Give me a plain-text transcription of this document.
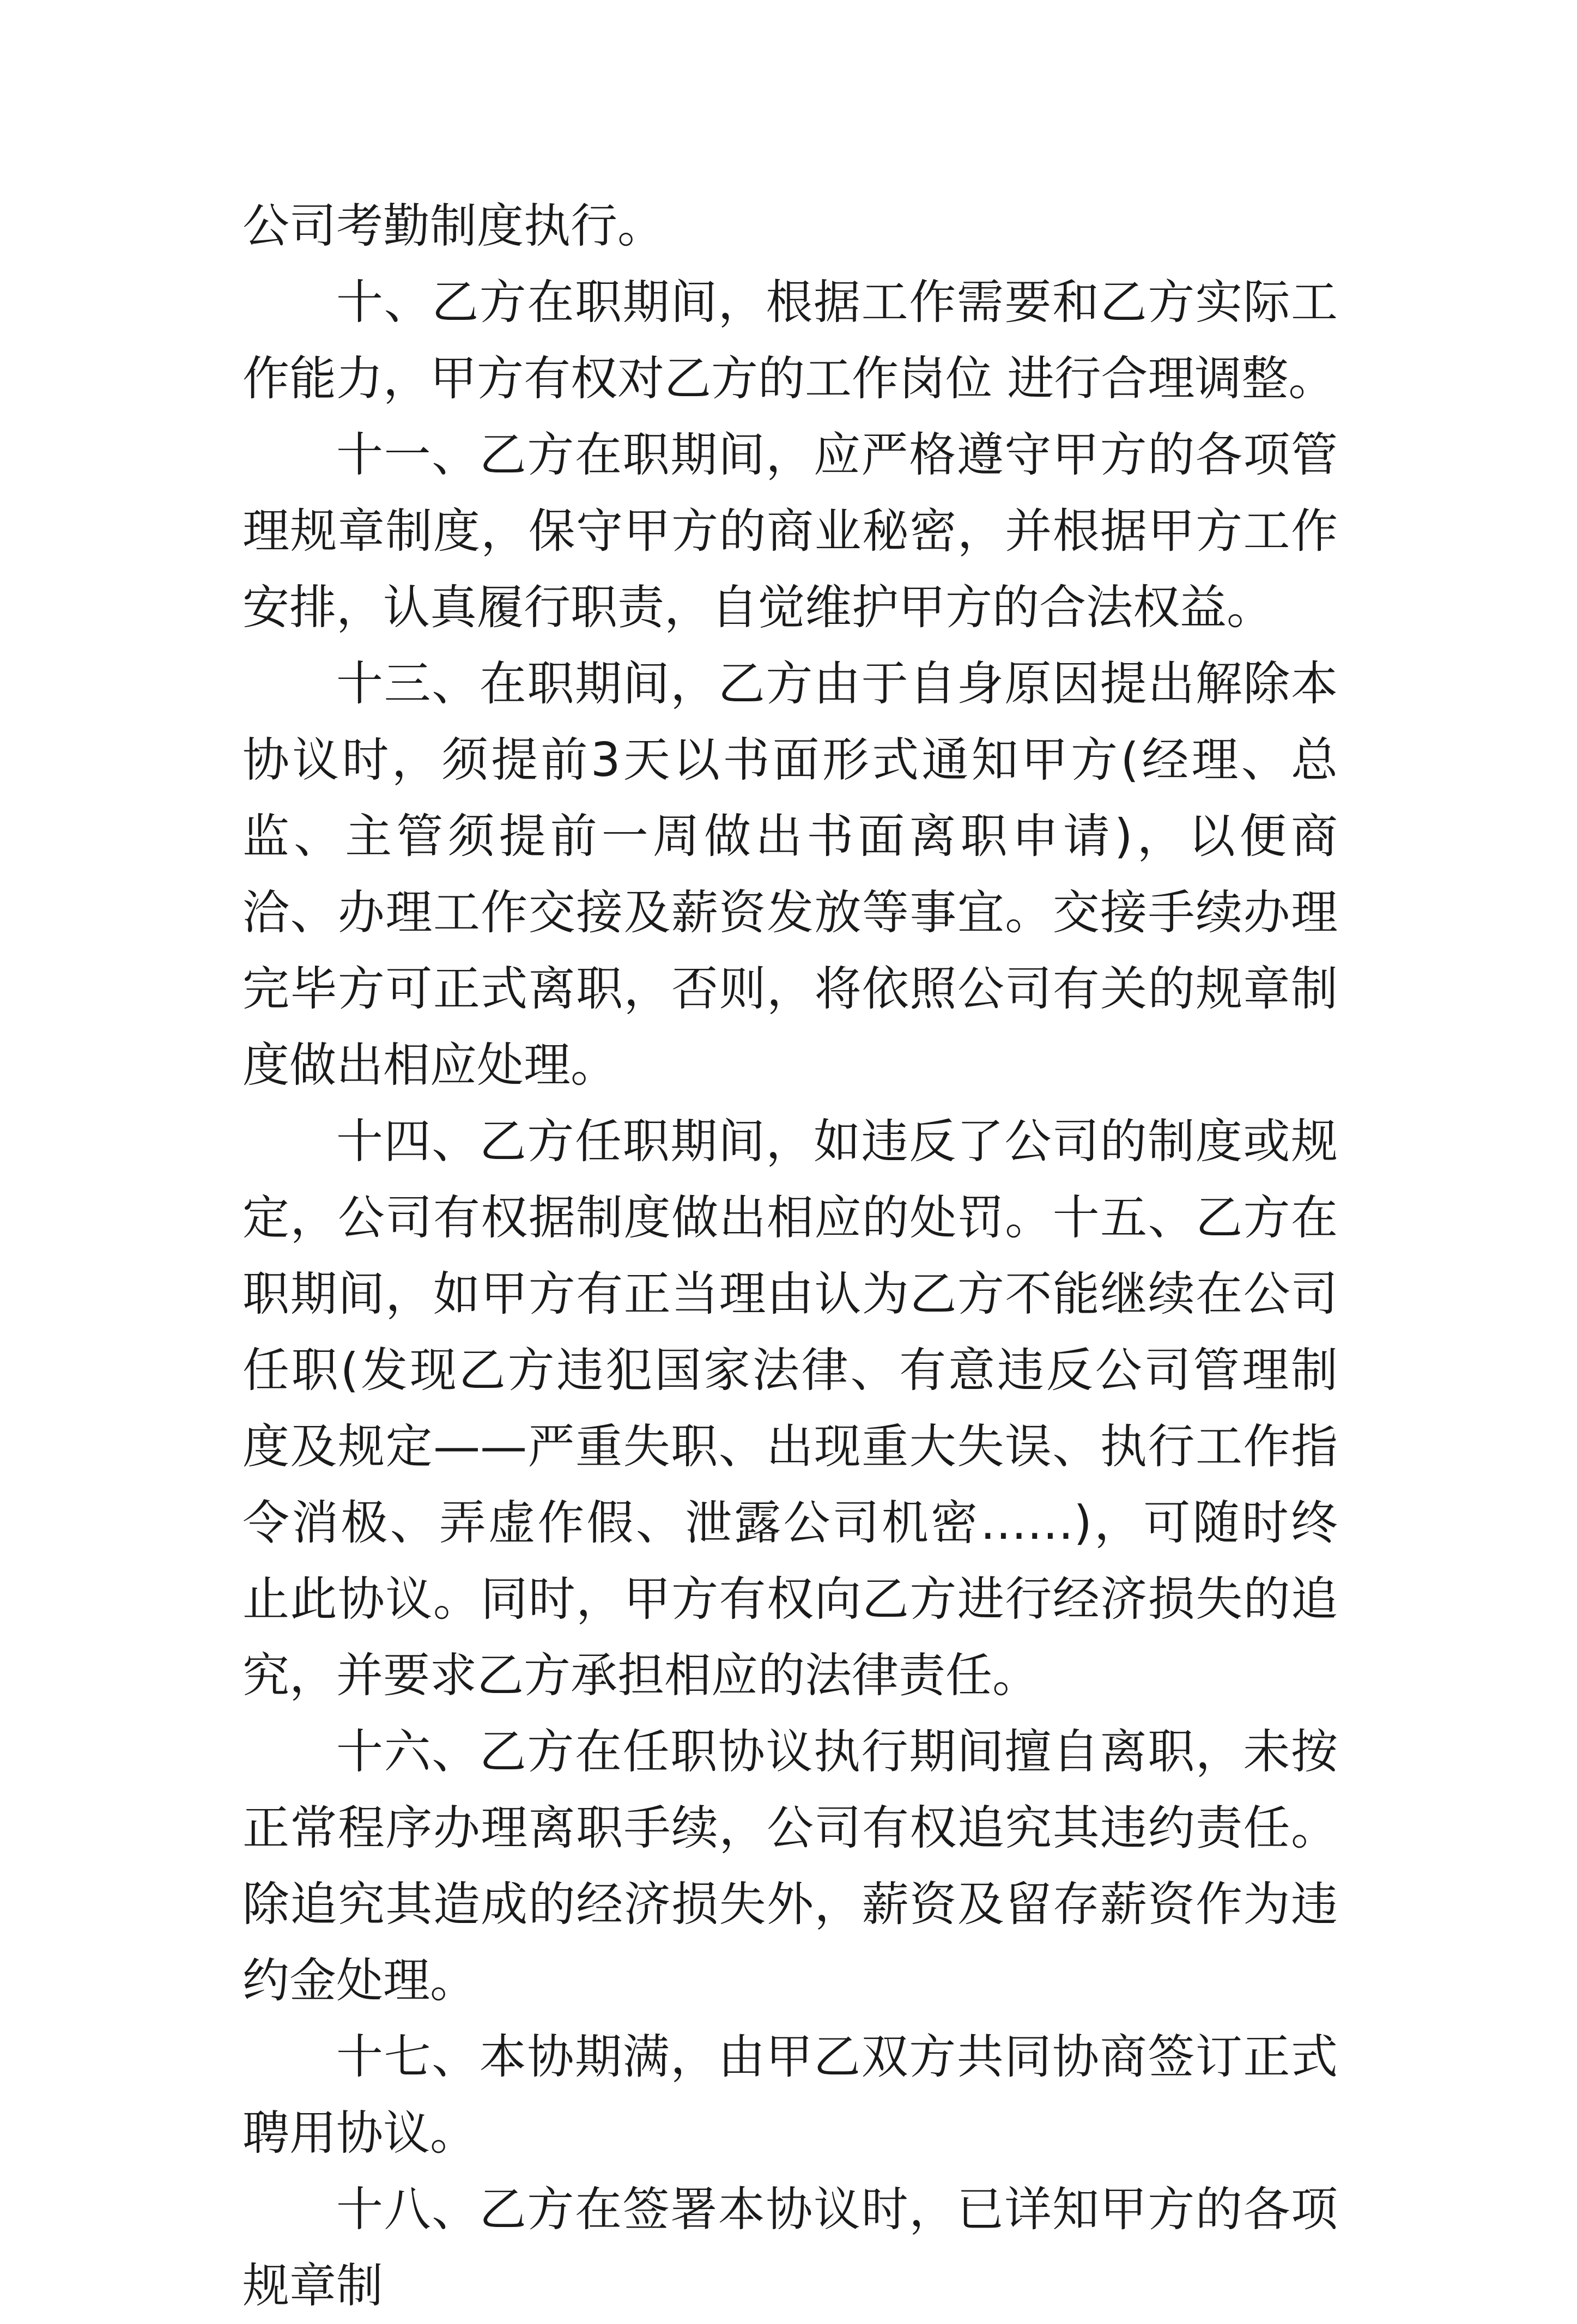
公司考勤制度执行。

十、乙方在职期间，根据工作需要和乙方实际工作能力，甲方有权对乙方的工作岗位 进行合理调整。

十一、乙方在职期间，应严格遵守甲方的各项管理规章制度，保守甲方的商业秘密，并根据甲方工作安排，认真履行职责，自觉维护甲方的合法权益。

十三、在职期间，乙方由于自身原因提出解除本协议时，须提前3天以书面形式通知甲方(经理、总监、主管须提前一周做出书面离职申请)，以便商洽、办理工作交接及薪资发放等事宜。交接手续办理完毕方可正式离职，否则，将依照公司有关的规章制度做出相应处理。

十四、乙方任职期间，如违反了公司的制度或规定，公司有权据制度做出相应的处罚。十五、乙方在职期间，如甲方有正当理由认为乙方不能继续在公司任职(发现乙方违犯国家法律、有意违反公司管理制度及规定——严重失职、出现重大失误、执行工作指令消极、弄虚作假、泄露公司机密……)，可随时终止此协议。同时，甲方有权向乙方进行经济损失的追究，并要求乙方承担相应的法律责任。

十六、乙方在任职协议执行期间擅自离职，未按正常程序办理离职手续，公司有权追究其违约责任。除追究其造成的经济损失外，薪资及留存薪资作为违约金处理。

十七、本协期满，由甲乙双方共同协商签订正式聘用协议。

十八、乙方在签署本协议时，已详知甲方的各项规章制
